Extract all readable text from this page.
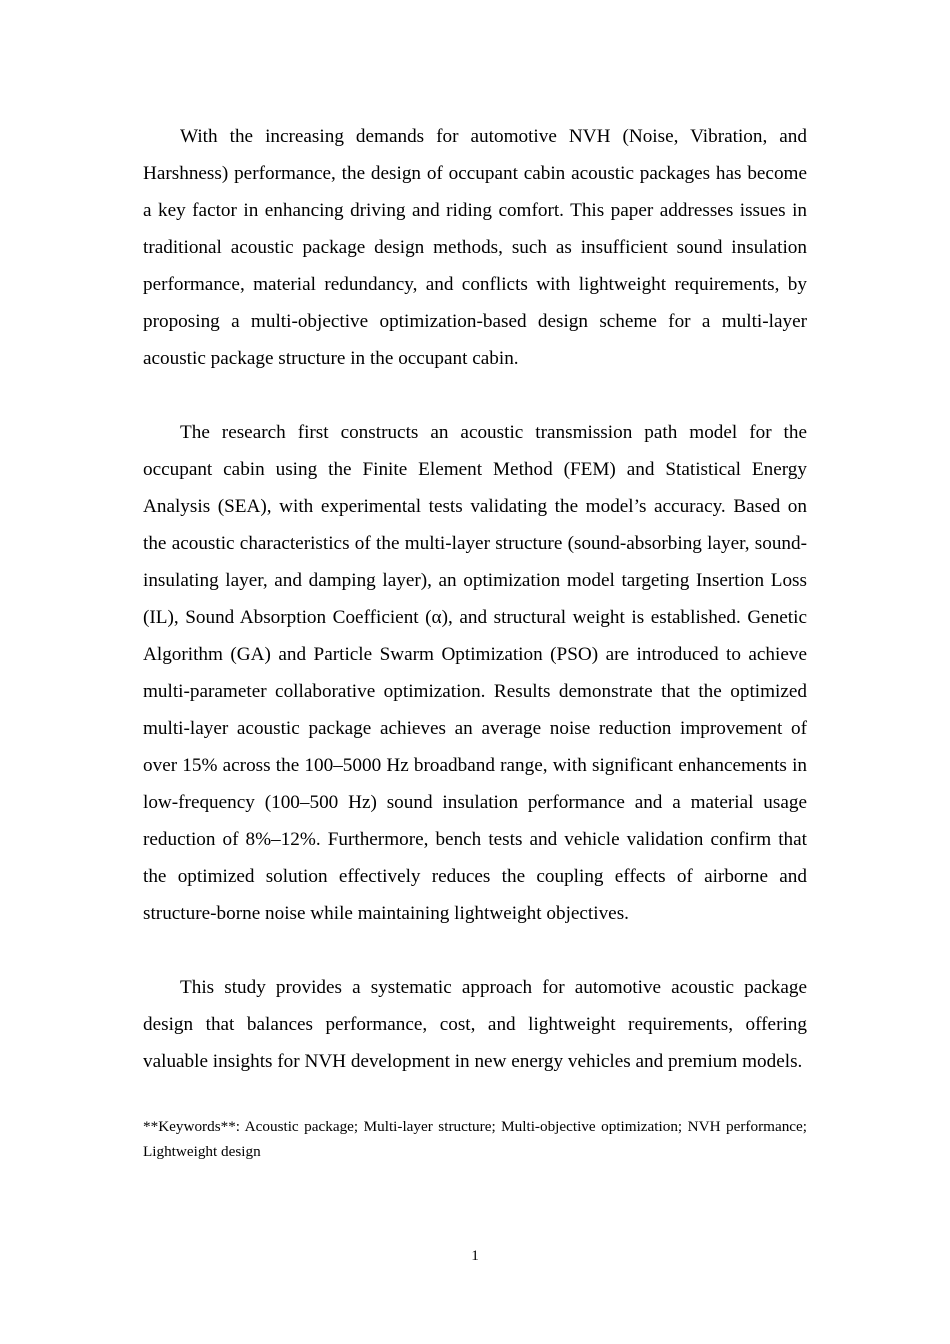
With the increasing demands for automotive NVH (Noise, Vibration, and Harshness) performance, the design of occupant cabin acoustic packages has become a key factor in enhancing driving and riding comfort. This paper addresses issues in traditional acoustic package design methods, such as insufficient sound insulation performance, material redundancy, and conflicts with lightweight requirements, by proposing a multi-objective optimization-based design scheme for a multi-layer acoustic package structure in the occupant cabin.

The research first constructs an acoustic transmission path model for the occupant cabin using the Finite Element Method (FEM) and Statistical Energy Analysis (SEA), with experimental tests validating the model’s accuracy. Based on the acoustic characteristics of the multi-layer structure (sound-absorbing layer, sound-insulating layer, and damping layer), an optimization model targeting Insertion Loss (IL), Sound Absorption Coefficient (α), and structural weight is established. Genetic Algorithm (GA) and Particle Swarm Optimization (PSO) are introduced to achieve multi-parameter collaborative optimization. Results demonstrate that the optimized multi-layer acoustic package achieves an average noise reduction improvement of over 15% across the 100–5000 Hz broadband range, with significant enhancements in low-frequency (100–500 Hz) sound insulation performance and a material usage reduction of 8%–12%. Furthermore, bench tests and vehicle validation confirm that the optimized solution effectively reduces the coupling effects of airborne and structure-borne noise while maintaining lightweight objectives.

This study provides a systematic approach for automotive acoustic package design that balances performance, cost, and lightweight requirements, offering valuable insights for NVH development in new energy vehicles and premium models.

**Keywords**: Acoustic package; Multi-layer structure; Multi-objective optimization; NVH performance; Lightweight design

1
